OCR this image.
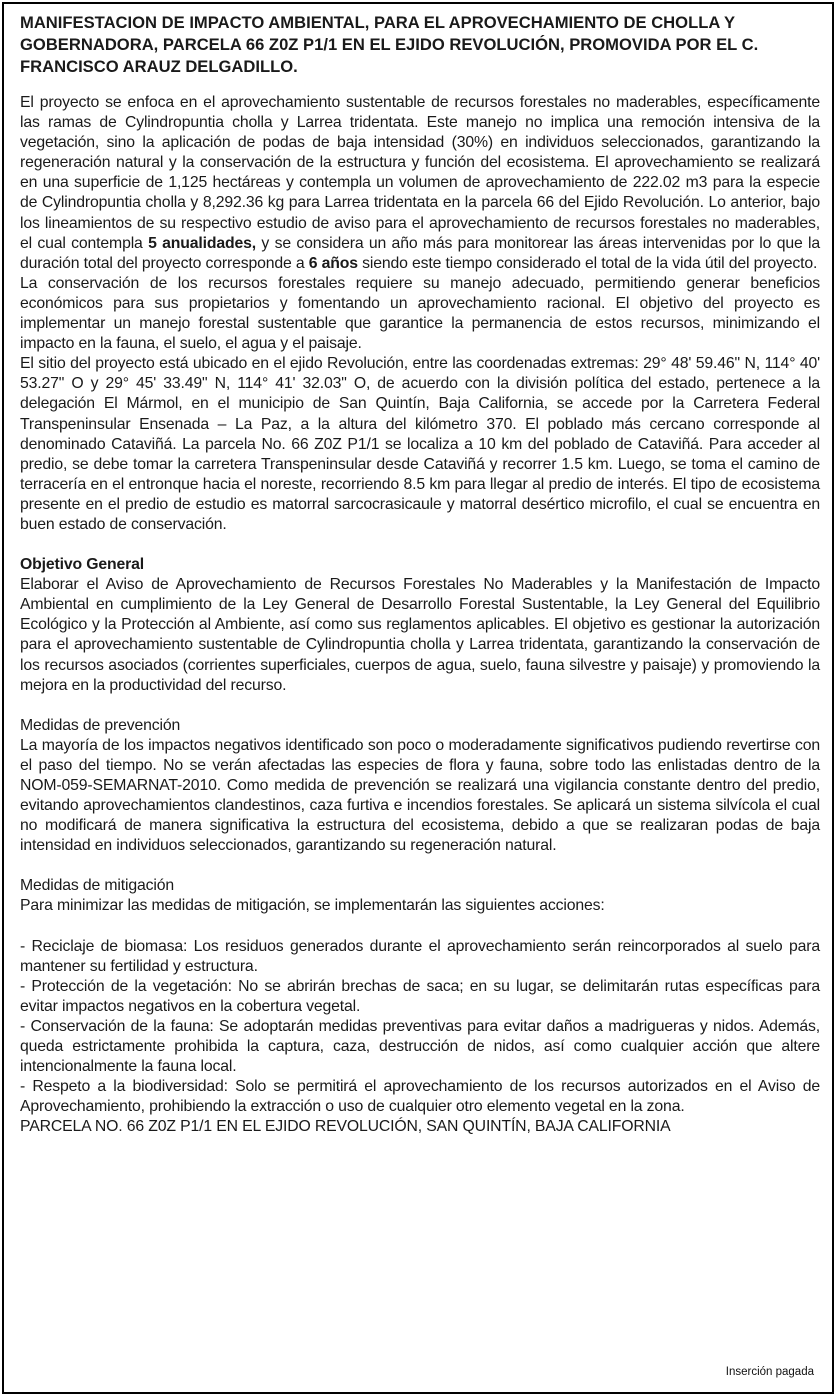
MANIFESTACION DE IMPACTO AMBIENTAL, PARA EL APROVECHAMIENTO DE CHOLLA Y GOBERNADORA, PARCELA 66 Z0Z P1/1 EN EL EJIDO REVOLUCIÓN, PROMOVIDA POR EL C. FRANCISCO ARAUZ DELGADILLO.

El proyecto se enfoca en el aprovechamiento sustentable de recursos forestales no maderables, específicamente las ramas de Cylindropuntia cholla y Larrea tridentata. Este manejo no implica una remoción intensiva de la vegetación, sino la aplicación de podas de baja intensidad (30%) en individuos seleccionados, garantizando la regeneración natural y la conservación de la estructura y función del ecosistema. El aprovechamiento se realizará en una superficie de 1,125 hectáreas y contempla un volumen de aprovechamiento de 222.02 m3 para la especie de Cylindropuntia cholla y 8,292.36 kg para Larrea tridentata en la parcela 66 del Ejido Revolución. Lo anterior, bajo los lineamientos de su respectivo estudio de aviso para el aprovechamiento de recursos forestales no maderables, el cual contempla 5 anualidades, y se considera un año más para monitorear las áreas intervenidas por lo que la duración total del proyecto corresponde a 6 años siendo este tiempo considerado el total de la vida útil del proyecto.

La conservación de los recursos forestales requiere su manejo adecuado, permitiendo generar beneficios económicos para sus propietarios y fomentando un aprovechamiento racional. El objetivo del proyecto es implementar un manejo forestal sustentable que garantice la permanencia de estos recursos, minimizando el impacto en la fauna, el suelo, el agua y el paisaje.

El sitio del proyecto está ubicado en el ejido Revolución, entre las coordenadas extremas: 29° 48' 59.46" N, 114° 40' 53.27" O y 29° 45' 33.49" N, 114° 41' 32.03" O, de acuerdo con la división política del estado, pertenece a la delegación El Mármol, en el municipio de San Quintín, Baja California, se accede por la Carretera Federal Transpeninsular Ensenada – La Paz, a la altura del kilómetro 370. El poblado más cercano corresponde al denominado Cataviñá. La parcela No. 66 Z0Z P1/1 se localiza a 10 km del poblado de Cataviñá. Para acceder al predio, se debe tomar la carretera Transpeninsular desde Cataviñá y recorrer 1.5 km. Luego, se toma el camino de terracería en el entronque hacia el noreste, recorriendo 8.5 km para llegar al predio de interés. El tipo de ecosistema presente en el predio de estudio es matorral sarcocrasicaule y matorral desértico microfilo, el cual se encuentra en buen estado de conservación.

Objetivo General

Elaborar el Aviso de Aprovechamiento de Recursos Forestales No Maderables y la Manifestación de Impacto Ambiental en cumplimiento de la Ley General de Desarrollo Forestal Sustentable, la Ley General del Equilibrio Ecológico y la Protección al Ambiente, así como sus reglamentos aplicables. El objetivo es gestionar la autorización para el aprovechamiento sustentable de Cylindropuntia cholla y Larrea tridentata, garantizando la conservación de los recursos asociados (corrientes superficiales, cuerpos de agua, suelo, fauna silvestre y paisaje) y promoviendo la mejora en la productividad del recurso.

Medidas de prevención

La mayoría de los impactos negativos identificado son poco o moderadamente significativos pudiendo revertirse con el paso del tiempo. No se verán afectadas las especies de flora y fauna, sobre todo las enlistadas dentro de la NOM-059-SEMARNAT-2010. Como medida de prevención se realizará una vigilancia constante dentro del predio, evitando aprovechamientos clandestinos, caza furtiva e incendios forestales. Se aplicará un sistema silvícola el cual no modificará de manera significativa la estructura del ecosistema, debido a que se realizaran podas de baja intensidad en individuos seleccionados, garantizando su regeneración natural.

Medidas de mitigación

Para minimizar las medidas de mitigación, se implementarán las siguientes acciones:

- Reciclaje de biomasa: Los residuos generados durante el aprovechamiento serán reincorporados al suelo para mantener su fertilidad y estructura.

- Protección de la vegetación: No se abrirán brechas de saca; en su lugar, se delimitarán rutas específicas para evitar impactos negativos en la cobertura vegetal.

- Conservación de la fauna: Se adoptarán medidas preventivas para evitar daños a madrigueras y nidos. Además, queda estrictamente prohibida la captura, caza, destrucción de nidos, así como cualquier acción que altere intencionalmente la fauna local.

- Respeto a la biodiversidad: Solo se permitirá el aprovechamiento de los recursos autorizados en el Aviso de Aprovechamiento, prohibiendo la extracción o uso de cualquier otro elemento vegetal en la zona.

PARCELA NO. 66 Z0Z P1/1 EN EL EJIDO REVOLUCIÓN, SAN QUINTÍN, BAJA CALIFORNIA
Inserción pagada
